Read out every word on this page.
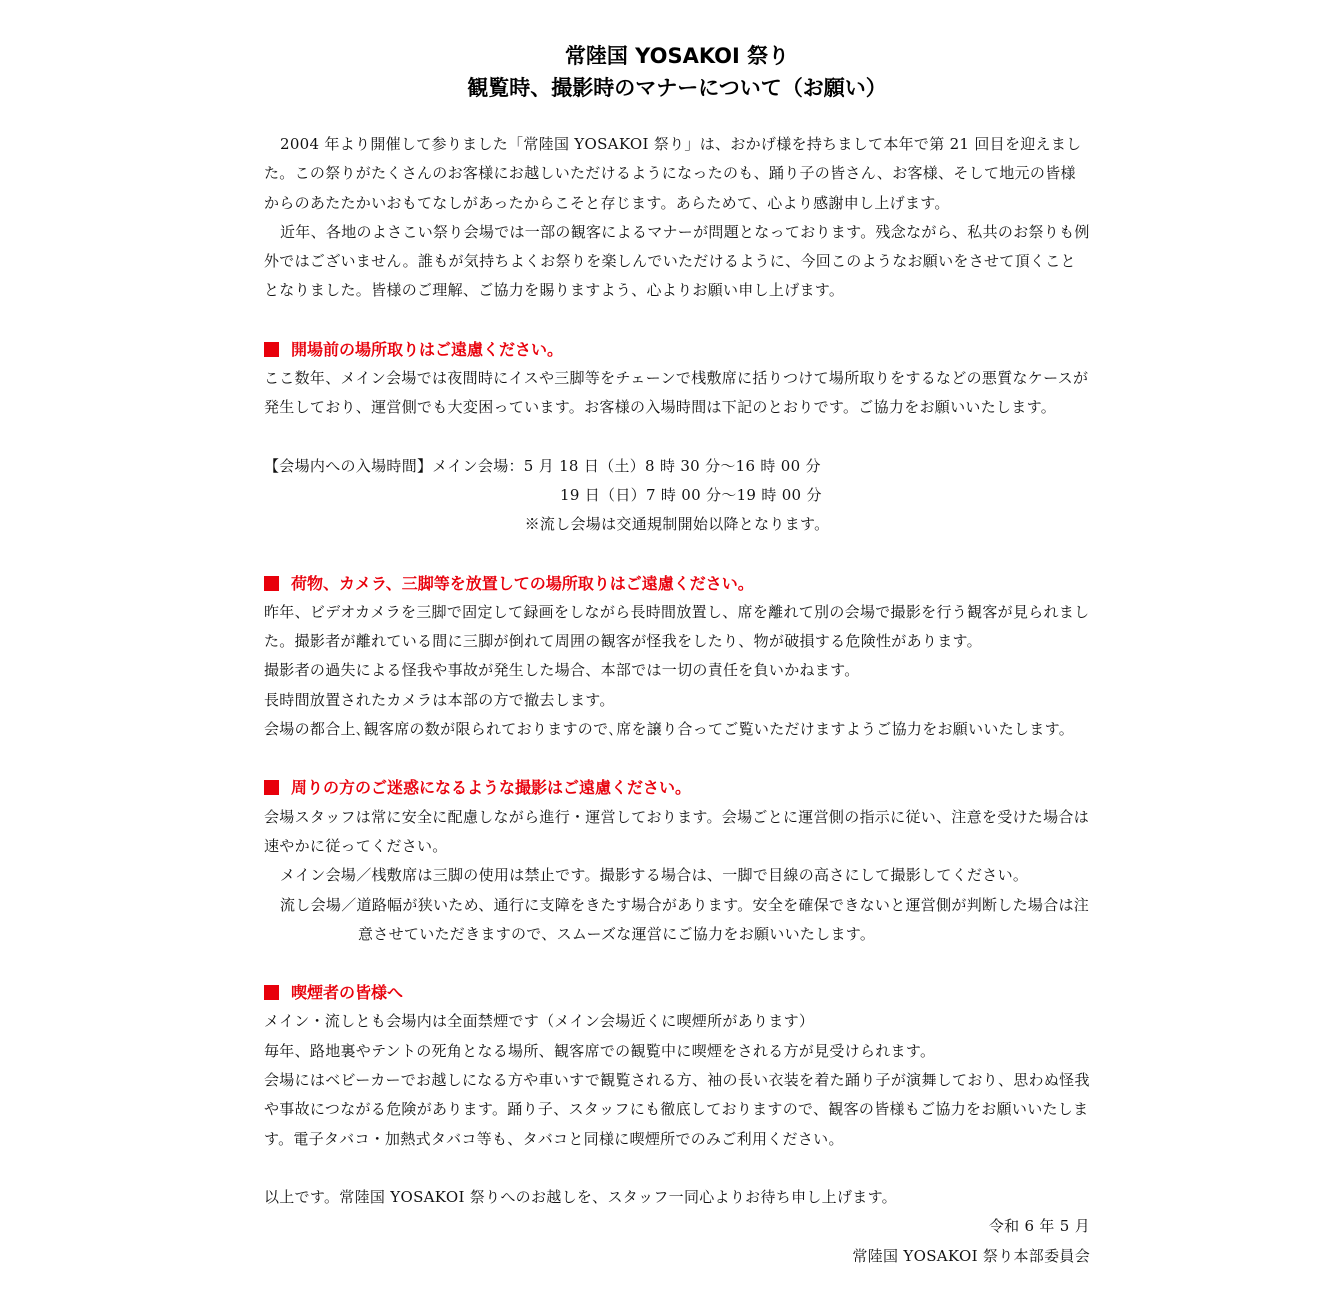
常陸国 YOSAKOI 祭り
観覧時、撮影時のマナーについて（お願い）

2004 年より開催して参りました「常陸国 YOSAKOI 祭り」は、おかげ様を持ちまして本年で第 21 回目を迎えました。この祭りがたくさんのお客様にお越しいただけるようになったのも、踊り子の皆さん、お客様、そして地元の皆様からのあたたかいおもてなしがあったからこそと存じます。あらためて、心より感謝申し上げます。

近年、各地のよさこい祭り会場では一部の観客によるマナーが問題となっております。残念ながら、私共のお祭りも例外ではございません。誰もが気持ちよくお祭りを楽しんでいただけるように、今回このようなお願いをさせて頂くこととなりました。皆様のご理解、ご協力を賜りますよう、心よりお願い申し上げます。

開場前の場所取りはご遠慮ください。

ここ数年、メイン会場では夜間時にイスや三脚等をチェーンで桟敷席に括りつけて場所取りをするなどの悪質なケースが発生しており、運営側でも大変困っています。お客様の入場時間は下記のとおりです。ご協力をお願いいたします。

【会場内への入場時間】メイン会場：5 月 18 日（土）8 時 30 分〜16 時 00 分

19 日（日）7 時 00 分〜19 時 00 分

※流し会場は交通規制開始以降となります。

荷物、カメラ、三脚等を放置しての場所取りはご遠慮ください。

昨年、ビデオカメラを三脚で固定して録画をしながら長時間放置し、席を離れて別の会場で撮影を行う観客が見られました。撮影者が離れている間に三脚が倒れて周囲の観客が怪我をしたり、物が破損する危険性があります。

撮影者の過失による怪我や事故が発生した場合、本部では一切の責任を負いかねます。

長時間放置されたカメラは本部の方で撤去します。

会場の都合上､観客席の数が限られておりますので､席を譲り合ってご覧いただけますようご協力をお願いいたします。

周りの方のご迷惑になるような撮影はご遠慮ください。

会場スタッフは常に安全に配慮しながら進行・運営しております。会場ごとに運営側の指示に従い、注意を受けた場合は速やかに従ってください。

メイン会場／桟敷席は三脚の使用は禁止です。撮影する場合は、一脚で目線の高さにして撮影してください。

流し会場／道路幅が狭いため、通行に支障をきたす場合があります。安全を確保できないと運営側が判断した場合は注意させていただきますので、スムーズな運営にご協力をお願いいたします。

喫煙者の皆様へ

メイン・流しとも会場内は全面禁煙です（メイン会場近くに喫煙所があります）

毎年、路地裏やテントの死角となる場所、観客席での観覧中に喫煙をされる方が見受けられます。

会場にはベビーカーでお越しになる方や車いすで観覧される方、袖の長い衣装を着た踊り子が演舞しており、思わぬ怪我や事故につながる危険があります。踊り子、スタッフにも徹底しておりますので、観客の皆様もご協力をお願いいたします。電子タバコ・加熱式タバコ等も、タバコと同様に喫煙所でのみご利用ください。

以上です。常陸国 YOSAKOI 祭りへのお越しを、スタッフ一同心よりお待ち申し上げます。

令和 6 年 5 月

常陸国 YOSAKOI 祭り本部委員会
